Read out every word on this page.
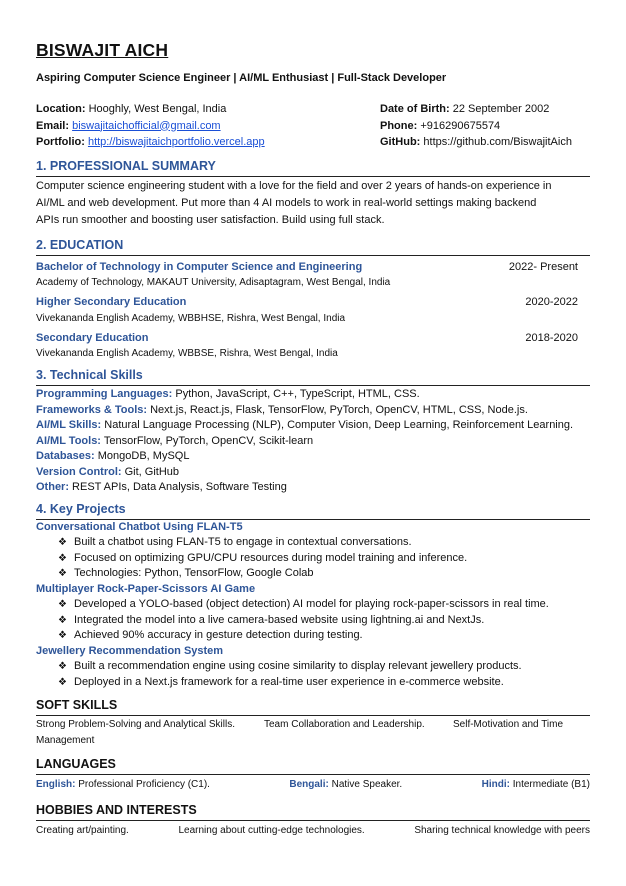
BISWAJIT AICH
Aspiring Computer Science Engineer | AI/ML Enthusiast | Full-Stack Developer
Location: Hooghly, West Bengal, India
Email: biswajitaichofficial@gmail.com
Portfolio: http://biswajitaichportfolio.vercel.app
Date of Birth: 22 September 2002
Phone: +916290675574
GitHub: https://github.com/BiswajitAich
1. PROFESSIONAL SUMMARY
Computer science engineering student with a love for the field and over 2 years of hands-on experience in
AI/ML and web development. Put more than 4 AI models to work in real-world settings making backend
APIs run smoother and boosting user satisfaction. Build using full stack.
2. EDUCATION
Bachelor of Technology in Computer Science and Engineering
Academy of Technology, MAKAUT University, Adisaptagram, West Bengal, India
2022- Present
Higher Secondary Education
Vivekananda English Academy, WBBHSE, Rishra, West Bengal, India
2020-2022
Secondary Education
Vivekananda English Academy, WBBSE, Rishra, West Bengal, India
2018-2020
3. Technical Skills
Programming Languages: Python, JavaScript, C++, TypeScript, HTML, CSS.
Frameworks & Tools: Next.js, React.js, Flask, TensorFlow, PyTorch, OpenCV, HTML, CSS, Node.js.
AI/ML Skills: Natural Language Processing (NLP), Computer Vision, Deep Learning, Reinforcement Learning.
AI/ML Tools: TensorFlow, PyTorch, OpenCV, Scikit-learn
Databases: MongoDB, MySQL
Version Control: Git, GitHub
Other: REST APIs, Data Analysis, Software Testing
4. Key Projects
Conversational Chatbot Using FLAN-T5
❖ Built a chatbot using FLAN-T5 to engage in contextual conversations.
❖ Focused on optimizing GPU/CPU resources during model training and inference.
❖ Technologies: Python, TensorFlow, Google Colab
Multiplayer Rock-Paper-Scissors AI Game
❖ Developed a YOLO-based (object detection) AI model for playing rock-paper-scissors in real time.
❖ Integrated the model into a live camera-based website using lightning.ai and NextJs.
❖ Achieved 90% accuracy in gesture detection during testing.
Jewellery Recommendation System
❖ Built a recommendation engine using cosine similarity to display relevant jewellery products.
❖ Deployed in a Next.js framework for a real-time user experience in e-commerce website.
SOFT SKILLS
Strong Problem-Solving and Analytical Skills.	Team Collaboration and Leadership.	Self-Motivation and Time
Management
LANGUAGES
English: Professional Proficiency (C1).	Bengali: Native Speaker.	Hindi: Intermediate (B1)
HOBBIES AND INTERESTS
Creating art/painting.	Learning about cutting-edge technologies.	Sharing technical knowledge with peers
